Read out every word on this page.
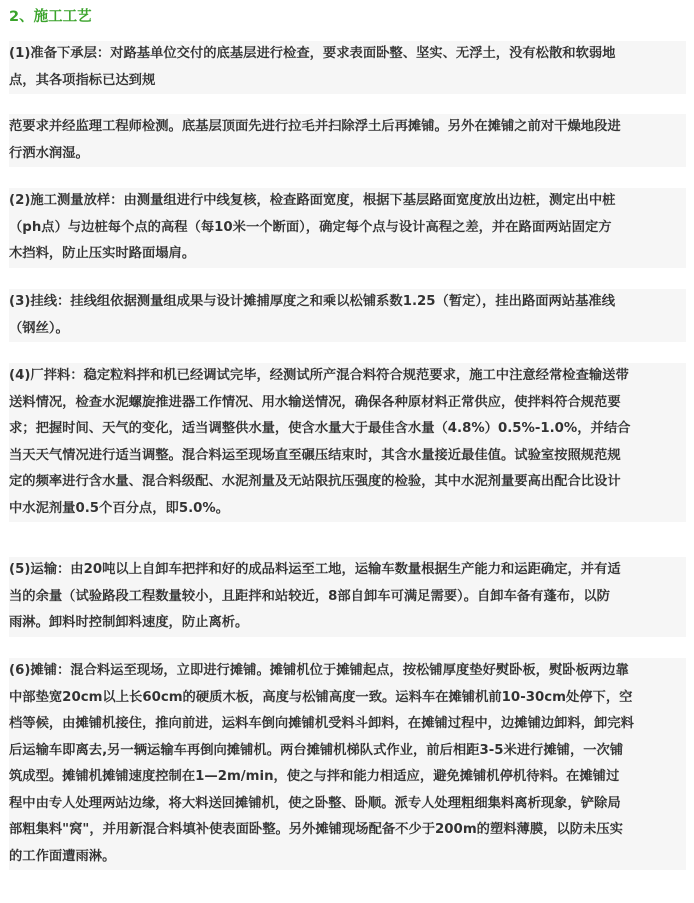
2、施工工艺
(1)准备下承层：对路基单位交付的底基层进行检查，要求表面卧整、坚实、无浮土，没有松散和软弱地
点，其各项指标已达到规
范要求并经监理工程师检测。底基层顶面先进行拉毛并扫除浮土后再摊铺。另外在摊铺之前对干燥地段进
行洒水润湿。
(2)施工测量放样：由测量组进行中线复核，检查路面宽度，根据下基层路面宽度放出边桩，测定出中桩
（ph点）与边桩每个点的高程（每10米一个断面），确定每个点与设计高程之差，并在路面两站固定方
木挡料，防止压实时路面塌肩。
(3)挂线：挂线组依据测量组成果与设计摊捕厚度之和乘以松铺系数1.25（暂定），挂出路面两站基准线
（钢丝）。
(4)厂拌料：稳定粒料拌和机已经调试完毕，经测试所产混合料符合规范要求，施工中注意经常检查输送带
送料情况，检查水泥螺旋推进器工作情况、用水输送情况，确保各种原材料正常供应，使拌料符合规范要
求；把握时间、天气的变化，适当调整供水量，使含水量大于最佳含水量（4.8%）0.5%-1.0%，并结合
当天天气情况进行适当调整。混合料运至现场直至碾压结束时，其含水量接近最佳值。试验室按照规范规
定的频率进行含水量、混合料级配、水泥剂量及无站限抗压强度的检验，其中水泥剂量要高出配合比设计
中水泥剂量0.5个百分点，即5.0%。
(5)运输：由20吨以上自卸车把拌和好的成品料运至工地，运输车数量根据生产能力和运距确定，并有适
当的余量（试验路段工程数量较小，且距拌和站较近，8部自卸车可满足需要）。自卸车备有蓬布，以防
雨淋。卸料时控制卸料速度，防止离析。
(6)摊铺：混合料运至现场，立即进行摊铺。摊铺机位于摊铺起点，按松铺厚度垫好熨卧板，熨卧板两边靠
中部垫宽20cm以上长60cm的硬质木板，高度与松铺高度一致。运料车在摊铺机前10-30cm处停下，空
档等候，由摊铺机接住，推向前进，运料车倒向摊铺机受料斗卸料，在摊铺过程中，边摊铺边卸料，卸完料
后运输车即离去,另一辆运输车再倒向摊铺机。两台摊铺机梯队式作业，前后相距3-5米进行摊铺，一次铺
筑成型。摊铺机摊铺速度控制在1—2m/min，使之与拌和能力相适应，避免摊铺机停机待料。在摊铺过
程中由专人处理两站边缘，将大料送回摊铺机，使之卧整、卧顺。派专人处理粗细集料离析现象，铲除局
部粗集料"窝"，并用新混合料填补使表面卧整。另外摊铺现场配备不少于200m的塑料薄膜，以防未压实
的工作面遭雨淋。
